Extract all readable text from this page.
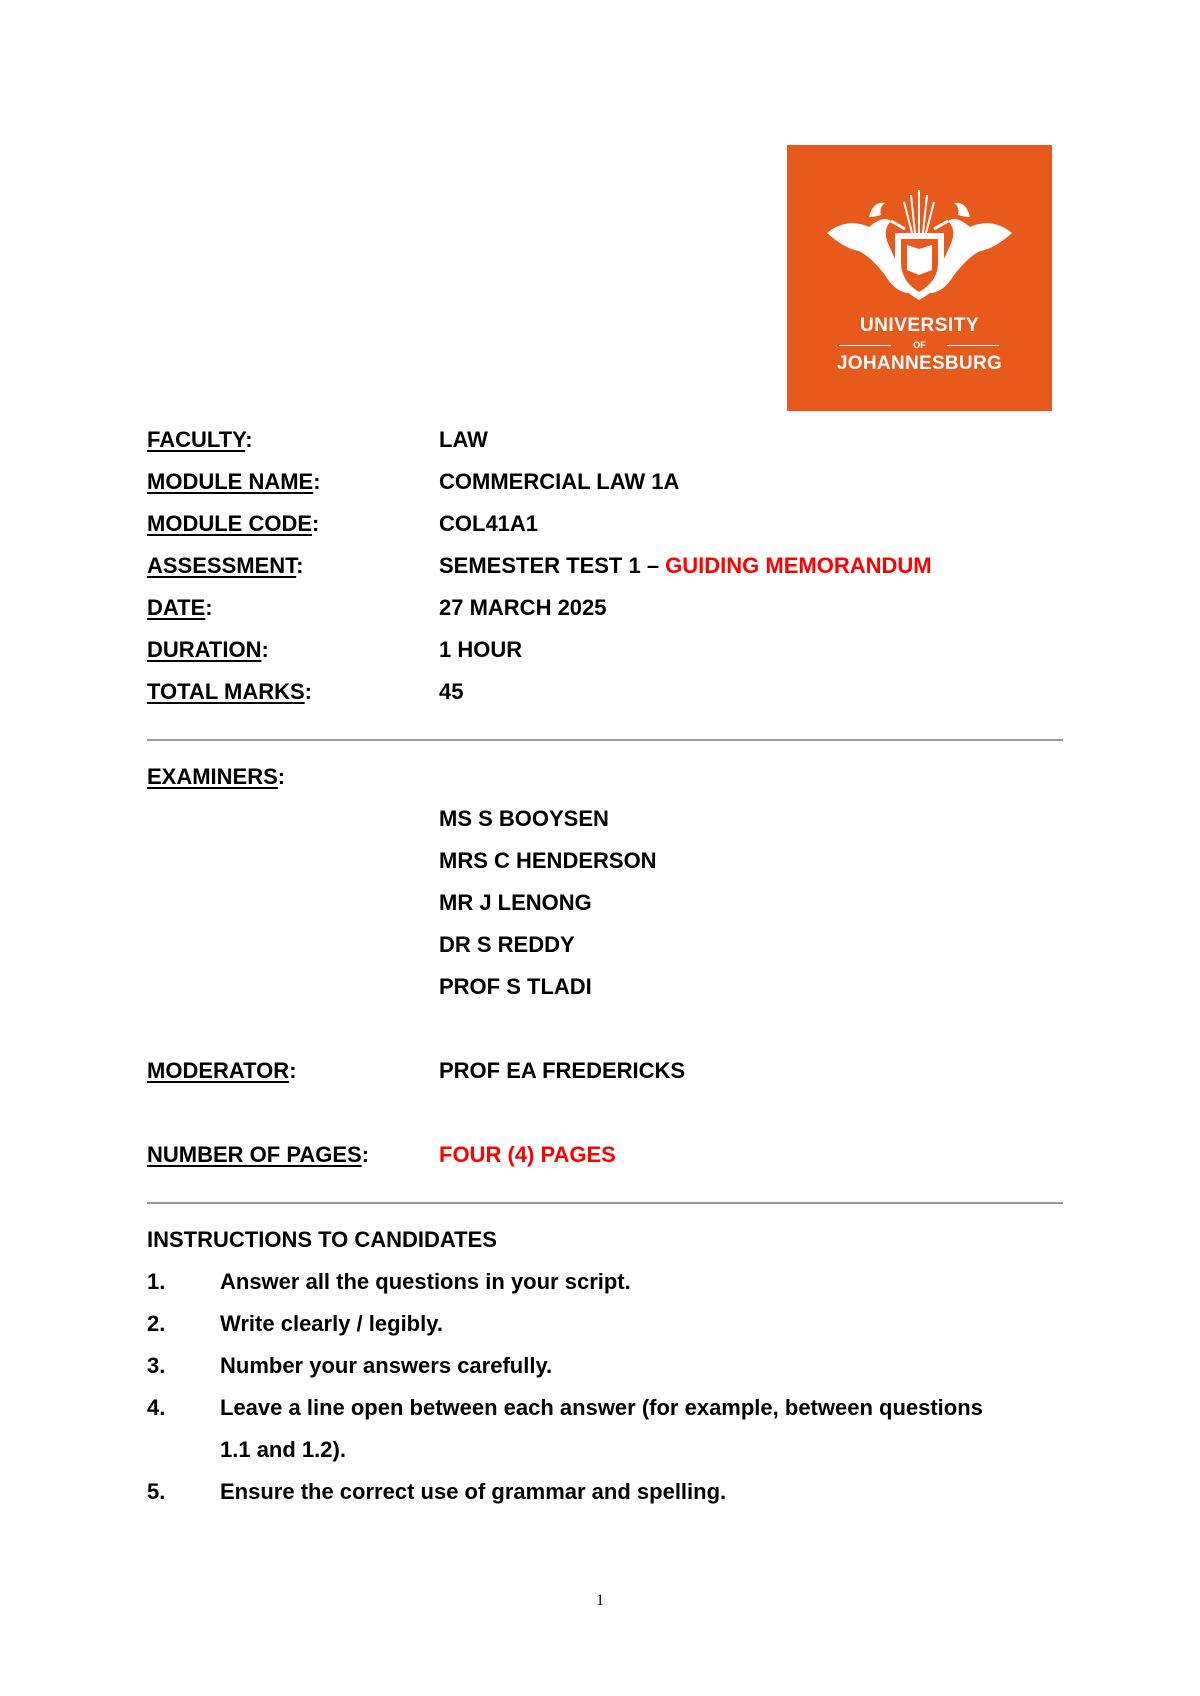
UNIVERSITY
OF
JOHANNESBURG
FACULTY:	LAW
MODULE NAME:	COMMERCIAL LAW 1A
MODULE CODE:	COL41A1
ASSESSMENT:	SEMESTER TEST 1 – GUIDING MEMORANDUM
DATE:	27 MARCH 2025
DURATION:	1 HOUR
TOTAL MARKS:	45
EXAMINERS:
MS S BOOYSEN
MRS C HENDERSON
MR J LENONG
DR S REDDY
PROF S TLADI
MODERATOR:	PROF EA FREDERICKS
NUMBER OF PAGES:	FOUR (4) PAGES
INSTRUCTIONS TO CANDIDATES
1. Answer all the questions in your script.
2. Write clearly / legibly.
3. Number your answers carefully.
4. Leave a line open between each answer (for example, between questions
1.1 and 1.2).
5. Ensure the correct use of grammar and spelling.
1
